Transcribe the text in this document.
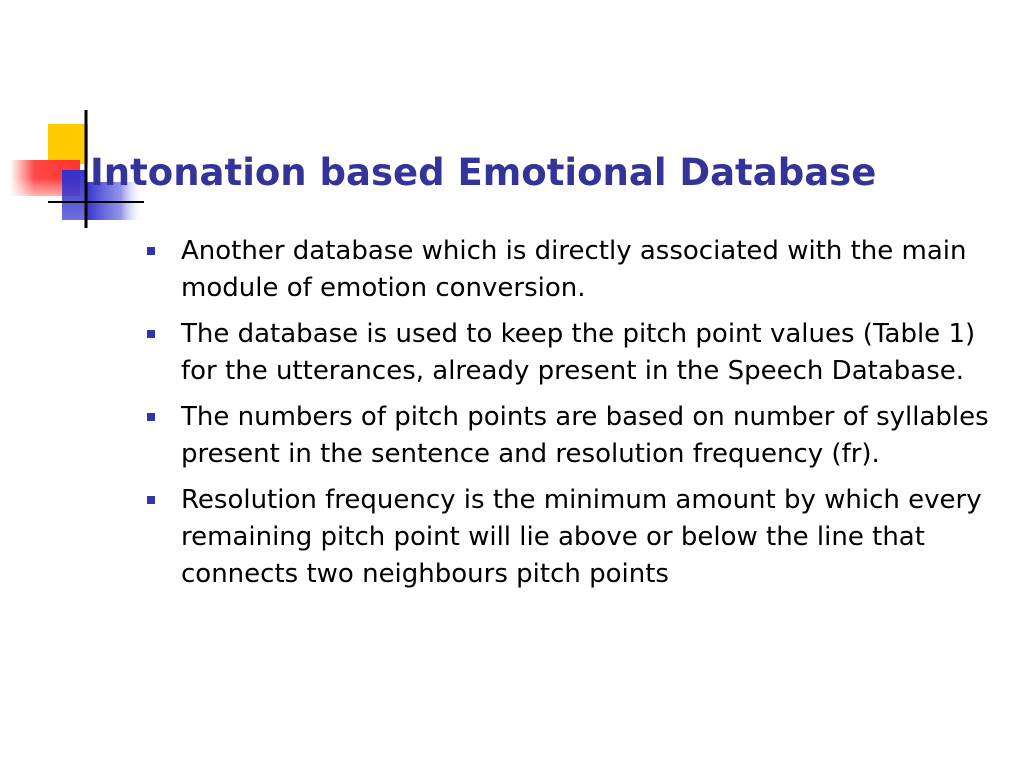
Intonation based Emotional Database
Another database which is directly associated with the main module of emotion conversion.
The database is used to keep the pitch point values (Table 1) for the utterances, already present in the Speech Database.
The numbers of pitch points are based on number of syllables present in the sentence and resolution frequency (fr).
Resolution frequency is the minimum amount by which every remaining pitch point will lie above or below the line that connects two neighbours pitch points
